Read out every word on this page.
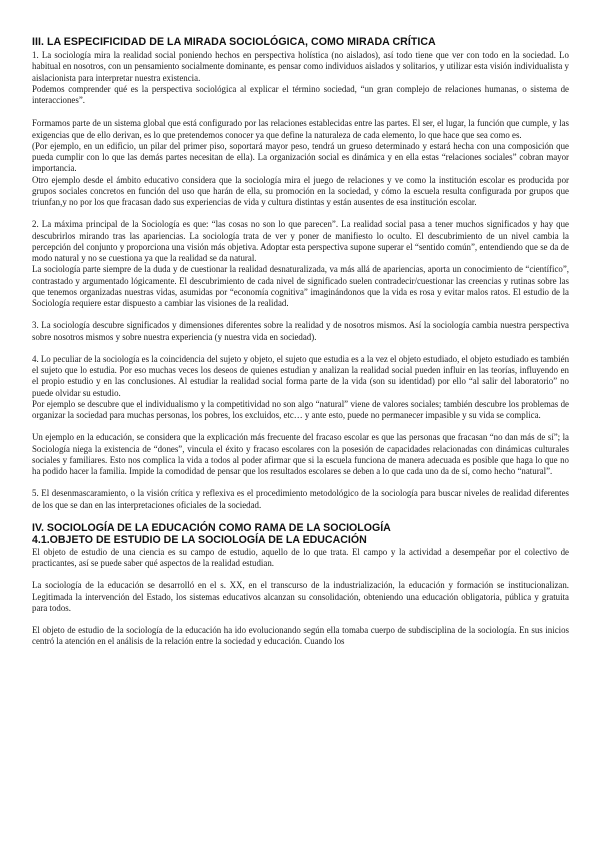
III. LA ESPECIFICIDAD DE LA MIRADA SOCIOLÓGICA, COMO MIRADA CRÍTICA

1. La sociología mira la realidad social poniendo hechos en perspectiva holística (no aislados), así todo tiene que ver con todo en la sociedad. Lo habitual en nosotros, con un pensamiento socialmente dominante, es pensar como individuos aislados y solitarios, y utilizar esta visión individualista y aislacionista para interpretar nuestra existencia.

Podemos comprender qué es la perspectiva sociológica al explicar el término sociedad, “un gran complejo de relaciones humanas, o sistema de interacciones”.

Formamos parte de un sistema global que está configurado por las relaciones establecidas entre las partes. El ser, el lugar, la función que cumple, y las exigencias que de ello derivan, es lo que pretendemos conocer ya que define la naturaleza de cada elemento, lo que hace que sea como es.

(Por ejemplo, en un edificio, un pilar del primer piso, soportará mayor peso, tendrá un grueso determinado y estará hecha con una composición que pueda cumplir con lo que las demás partes necesitan de ella). La organización social es dinámica y en ella estas “relaciones sociales” cobran mayor importancia.

Otro ejemplo desde el ámbito educativo considera que la sociología mira el juego de relaciones y ve como la institución escolar es producida por grupos sociales concretos en función del uso que harán de ella, su promoción en la sociedad, y cómo la escuela resulta configurada por grupos que triunfan,y no por los que fracasan dado sus experiencias de vida y cultura distintas y están ausentes de esa institución escolar.

2. La máxima principal de la Sociología es que: “las cosas no son lo que parecen”. La realidad social pasa a tener muchos significados y hay que descubrirlos mirando tras las apariencias. La sociología trata de ver y poner de manifiesto lo oculto. El descubrimiento de un nivel cambia la percepción del conjunto y proporciona una visión más objetiva. Adoptar esta perspectiva supone superar el “sentido común”, entendiendo que se da de modo natural y no se cuestiona ya que la realidad se da natural.

La sociología parte siempre de la duda y de cuestionar la realidad desnaturalizada, va más allá de apariencias, aporta un conocimiento de “científico”, contrastado y argumentado lógicamente. El descubrimiento de cada nivel de significado suelen contradecir/cuestionar las creencias y rutinas sobre las que tenemos organizadas nuestras vidas, asumidas por “economía cognitiva” imaginándonos que la vida es rosa y evitar malos ratos. El estudio de la Sociología requiere estar dispuesto a cambiar las visiones de la realidad.

3. La sociología descubre significados y dimensiones diferentes sobre la realidad y de nosotros mismos. Así la sociología cambia nuestra perspectiva sobre nosotros mismos y sobre nuestra experiencia (y nuestra vida en sociedad).

4. Lo peculiar de la sociología es la coincidencia del sujeto y objeto, el sujeto que estudia es a la vez el objeto estudiado, el objeto estudiado es también el sujeto que lo estudia. Por eso muchas veces los deseos de quienes estudian y analizan la realidad social pueden influir en las teorías, influyendo en el propio estudio y en las conclusiones. Al estudiar la realidad social forma parte de la vida (son su identidad) por ello “al salir del laboratorio” no puede olvidar su estudio.

Por ejemplo se descubre que el individualismo y la competitividad no son algo “natural” viene de valores sociales; también descubre los problemas de organizar la sociedad para muchas personas, los pobres, los excluidos, etc… y ante esto, puede no permanecer impasible y su vida se complica.

Un ejemplo en la educación, se considera que la explicación más frecuente del fracaso escolar es que las personas que fracasan “no dan más de sí”; la Sociología niega la existencia de “dones”, vincula el éxito y fracaso escolares con la posesión de capacidades relacionadas con dinámicas culturales sociales y familiares. Esto nos complica la vida a todos al poder afirmar que si la escuela funciona de manera adecuada es posible que haga lo que no ha podido hacer la familia. Impide la comodidad de pensar que los resultados escolares se deben a lo que cada uno da de sí, como hecho “natural”.

5. El desenmascaramiento, o la visión crítica y reflexiva es el procedimiento metodológico de la sociología para buscar niveles de realidad diferentes de los que se dan en las interpretaciones oficiales de la sociedad.

IV. SOCIOLOGÍA DE LA EDUCACIÓN COMO RAMA DE LA SOCIOLOGÍA
4.1.OBJETO DE ESTUDIO DE LA SOCIOLOGÍA DE LA EDUCACIÓN

El objeto de estudio de una ciencia es su campo de estudio, aquello de lo que trata. El campo y la actividad a desempeñar por el colectivo de practicantes, así se puede saber qué aspectos de la realidad estudian.

La sociología de la educación se desarrolló en el s. XX, en el transcurso de la industrialización, la educación y formación se institucionalizan. Legitimada la intervención del Estado, los sistemas educativos alcanzan su consolidación, obteniendo una educación obligatoria, pública y gratuita para todos.

El objeto de estudio de la sociología de la educación ha ido evolucionando según ella tomaba cuerpo de subdisciplina de la sociología. En sus inicios centró la atención en el análisis de la relación entre la sociedad y educación. Cuando los
